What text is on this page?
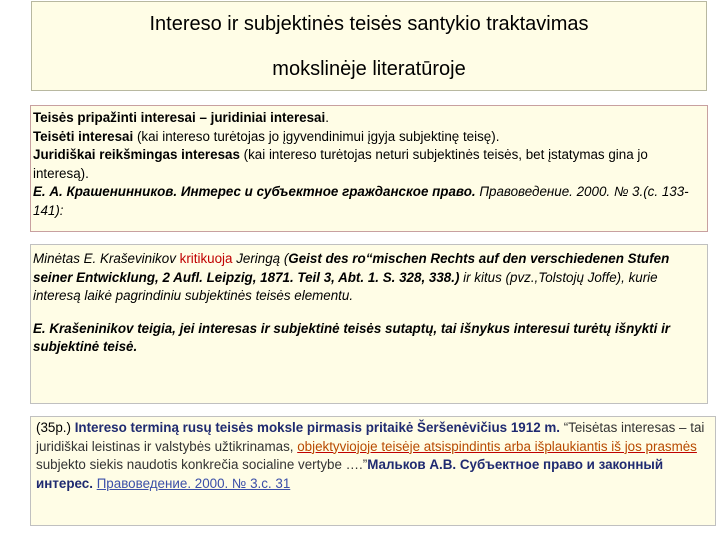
Intereso ir subjektinės teisės santykio traktavimas
mokslinėje literatūroje
Teisės pripažinti interesai – juridiniai interesai.
Teisėti interesai (kai intereso turėtojas jo įgyvendinimui įgyja subjektinę teisę).
Juridiškai reikšmingas interesas (kai intereso turėtojas neturi subjektinės teisės, bet įstatymas gina jo interesą).
Е. А. Крашенинников. Интерес и субъектное гражданское право. Правоведение. 2000. № 3.(с. 133-141):

Minėtas E. Kraševinikov kritikuoja Jeringą (Geist des ro“mischen Rechts auf den verschiedenen Stufen seiner Entwicklung, 2 Aufl. Leipzig, 1871. Teil 3, Abt. 1. S. 328, 338.) ir kitus (pvz.,Tolstojų Joffe), kurie interesą laikė pagrindiniu subjektinės teisės elementu.

E. Krašeninikov teigia, jei interesas ir subjektinė teisės sutaptų, tai išnykus interesui turėtų išnykti ir subjektinė teisė.

(35p.) Intereso terminą rusų teisės moksle pirmasis pritaikė Šeršenėvičius 1912 m. “Teisėtas interesas – tai juridiškai leistinas ir valstybės užtikrinamas, objektyviojoje teisėje atsispindintis arba išplaukiantis iš jos prasmės subjekto siekis naudotis konkrečia socialine vertybe ….”Мальков А.В. Субъектное право и законный интерес. Правоведение. 2000. № 3.с. 31
